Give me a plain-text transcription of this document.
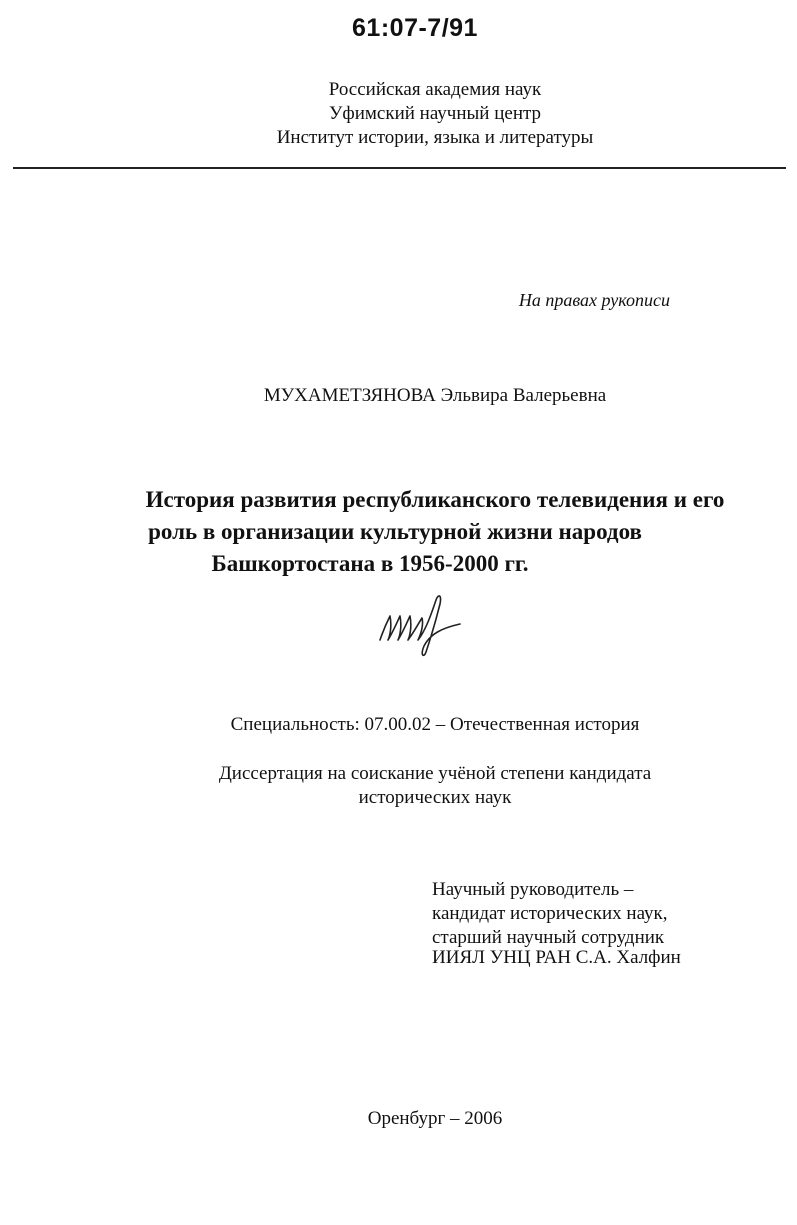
61:07-7/91
Российская академия наук
Уфимский научный центр
Институт истории, языка и литературы
На правах рукописи
МУХАМЕТЗЯНОВА Эльвира Валерьевна
История развития республиканского телевидения и его
роль в организации культурной жизни народов
Башкортостана в 1956-2000 гг.
Специальность: 07.00.02 – Отечественная история
Диссертация на соискание учёной степени кандидата
исторических наук
Научный руководитель –
кандидат исторических наук,
старший научный сотрудник
ИИЯЛ УНЦ РАН С.А. Халфин
Оренбург – 2006
